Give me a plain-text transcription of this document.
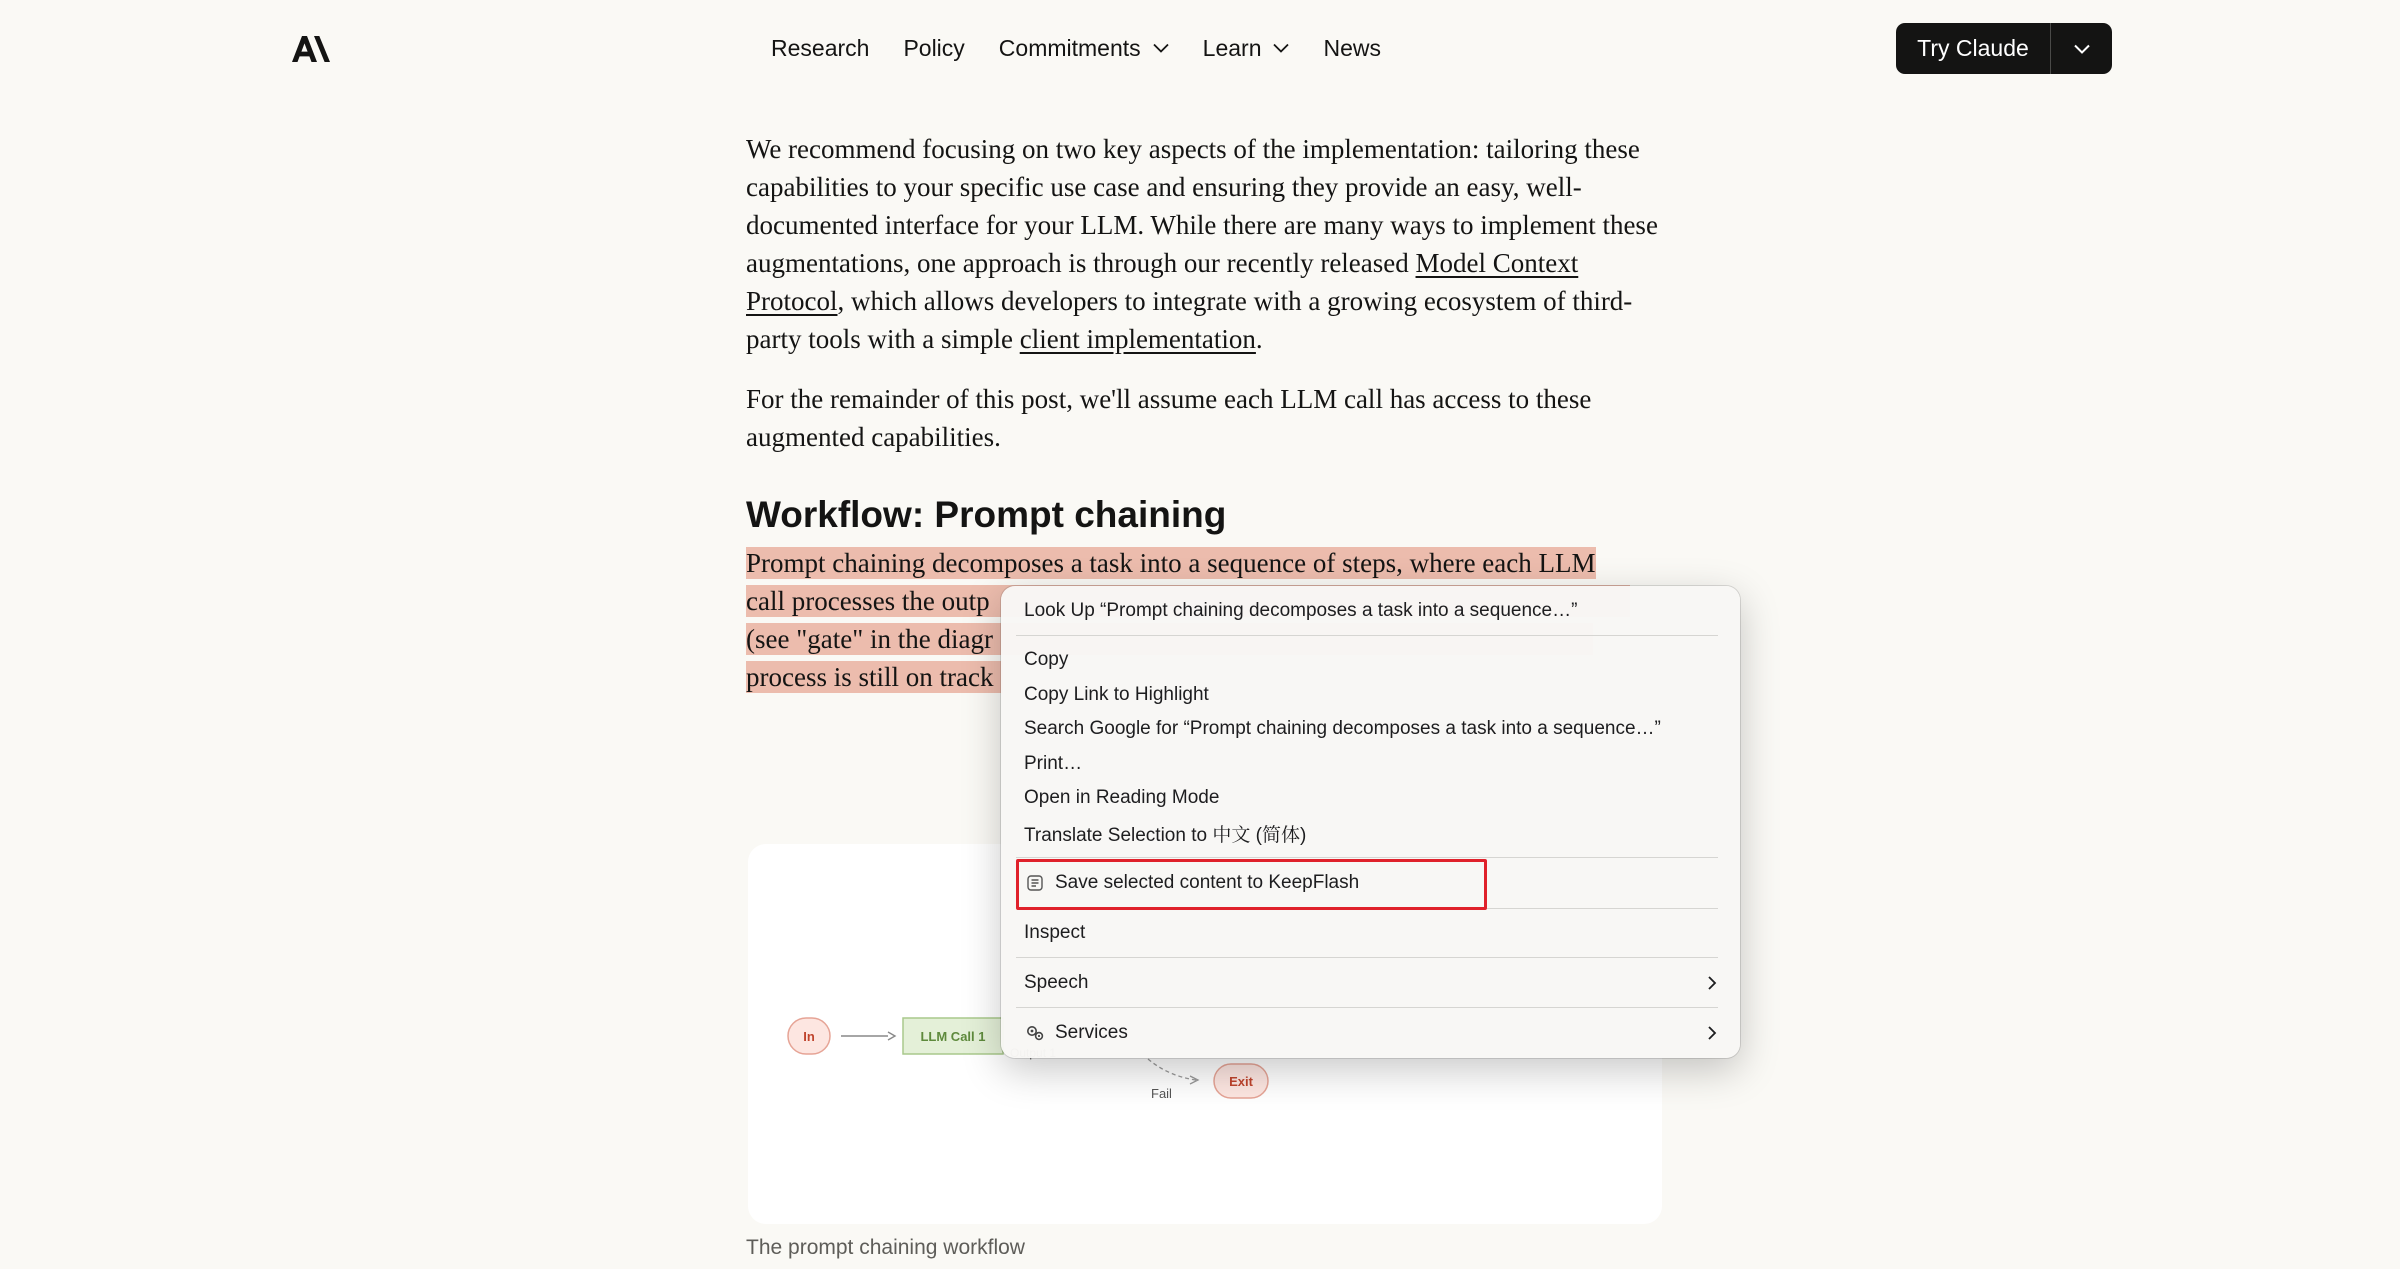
Research Policy Commitments	Learn	News	Try Claude

We recommend focusing on two key aspects of the implementation: tailoring these capabilities to your specific use case and ensuring they provide an easy, well-documented interface for your LLM. While there are many ways to implement these augmentations, one approach is through our recently released Model Context Protocol, which allows developers to integrate with a growing ecosystem of third-party tools with a simple client implementation.

For the remainder of this post, we'll assume each LLM call has access to these augmented capabilities.

Workflow: Prompt chaining

Prompt chaining decomposes a task into a sequence of steps, where each LLM
call processes the outp
(see "gate" in the diagr
process is still on track

In	LLM Call 1
Fail
Exit
The prompt chaining workflow
Look Up “Prompt chaining decomposes a task into a sequence…”
Copy
Copy Link to Highlight
Search Google for “Prompt chaining decomposes a task into a sequence…”
Print…
Open in Reading Mode
Translate Selection to 中文 (简体)
Save selected content to KeepFlash
Inspect
Speech
Services
